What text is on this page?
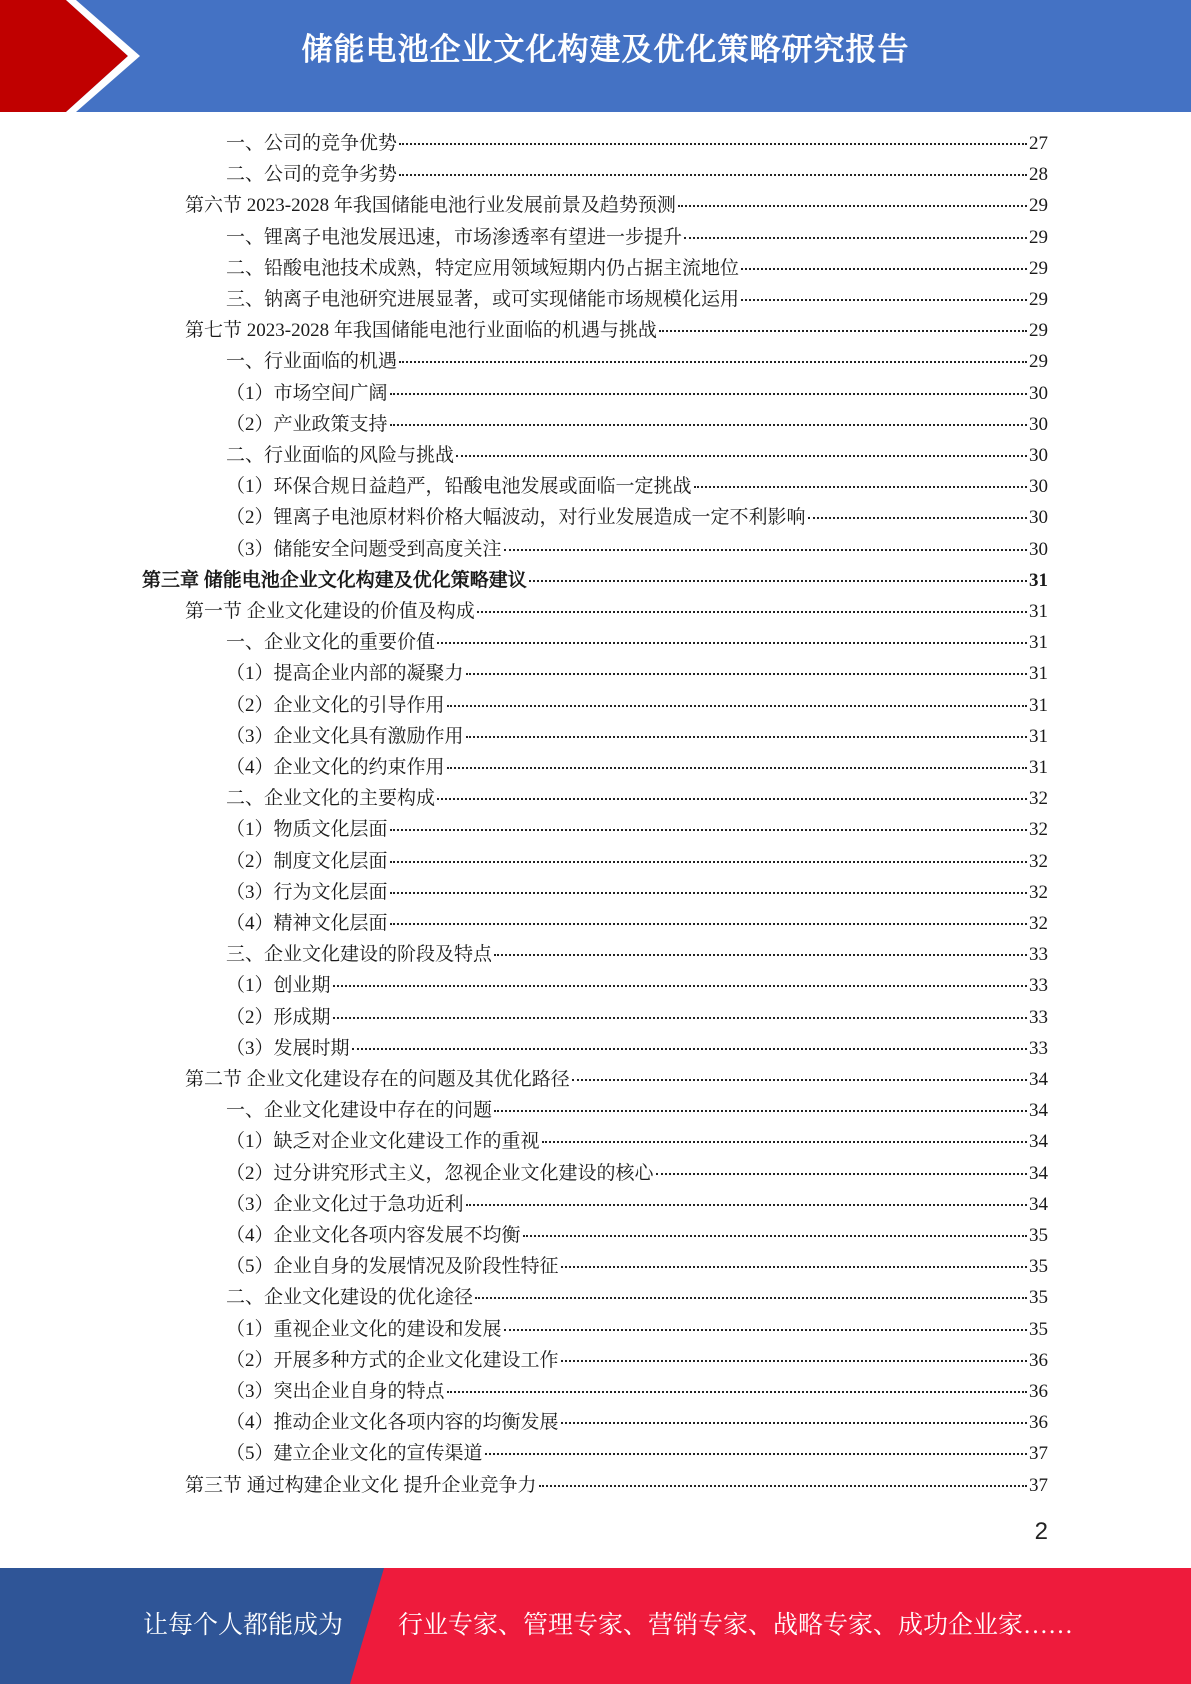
储能电池企业文化构建及优化策略研究报告
一、公司的竞争优势	27
二、公司的竞争劣势	28
第六节 2023-2028 年我国储能电池行业发展前景及趋势预测	29
一、锂离子电池发展迅速，市场渗透率有望进一步提升	29
二、铅酸电池技术成熟，特定应用领域短期内仍占据主流地位	29
三、钠离子电池研究进展显著，或可实现储能市场规模化运用	29
第七节 2023-2028 年我国储能电池行业面临的机遇与挑战	29
一、行业面临的机遇	29
（1）市场空间广阔	30
（2）产业政策支持	30
二、行业面临的风险与挑战	30
（1）环保合规日益趋严，铅酸电池发展或面临一定挑战	30
（2）锂离子电池原材料价格大幅波动，对行业发展造成一定不利影响	30
（3）储能安全问题受到高度关注	30
第三章 储能电池企业文化构建及优化策略建议	31
第一节 企业文化建设的价值及构成	31
一、企业文化的重要价值	31
（1）提高企业内部的凝聚力	31
（2）企业文化的引导作用	31
（3）企业文化具有激励作用	31
（4）企业文化的约束作用	31
二、企业文化的主要构成	32
（1）物质文化层面	32
（2）制度文化层面	32
（3）行为文化层面	32
（4）精神文化层面	32
三、企业文化建设的阶段及特点	33
（1）创业期	33
（2）形成期	33
（3）发展时期	33
第二节 企业文化建设存在的问题及其优化路径	34
一、企业文化建设中存在的问题	34
（1）缺乏对企业文化建设工作的重视	34
（2）过分讲究形式主义，忽视企业文化建设的核心	34
（3）企业文化过于急功近利	34
（4）企业文化各项内容发展不均衡	35
（5）企业自身的发展情况及阶段性特征	35
二、企业文化建设的优化途径	35
（1）重视企业文化的建设和发展	35
（2）开展多种方式的企业文化建设工作	36
（3）突出企业自身的特点	36
（4）推动企业文化各项内容的均衡发展	36
（5）建立企业文化的宣传渠道	37
第三节 通过构建企业文化 提升企业竞争力	37
2
让每个人都能成为 行业专家、管理专家、营销专家、战略专家、成功企业家……
